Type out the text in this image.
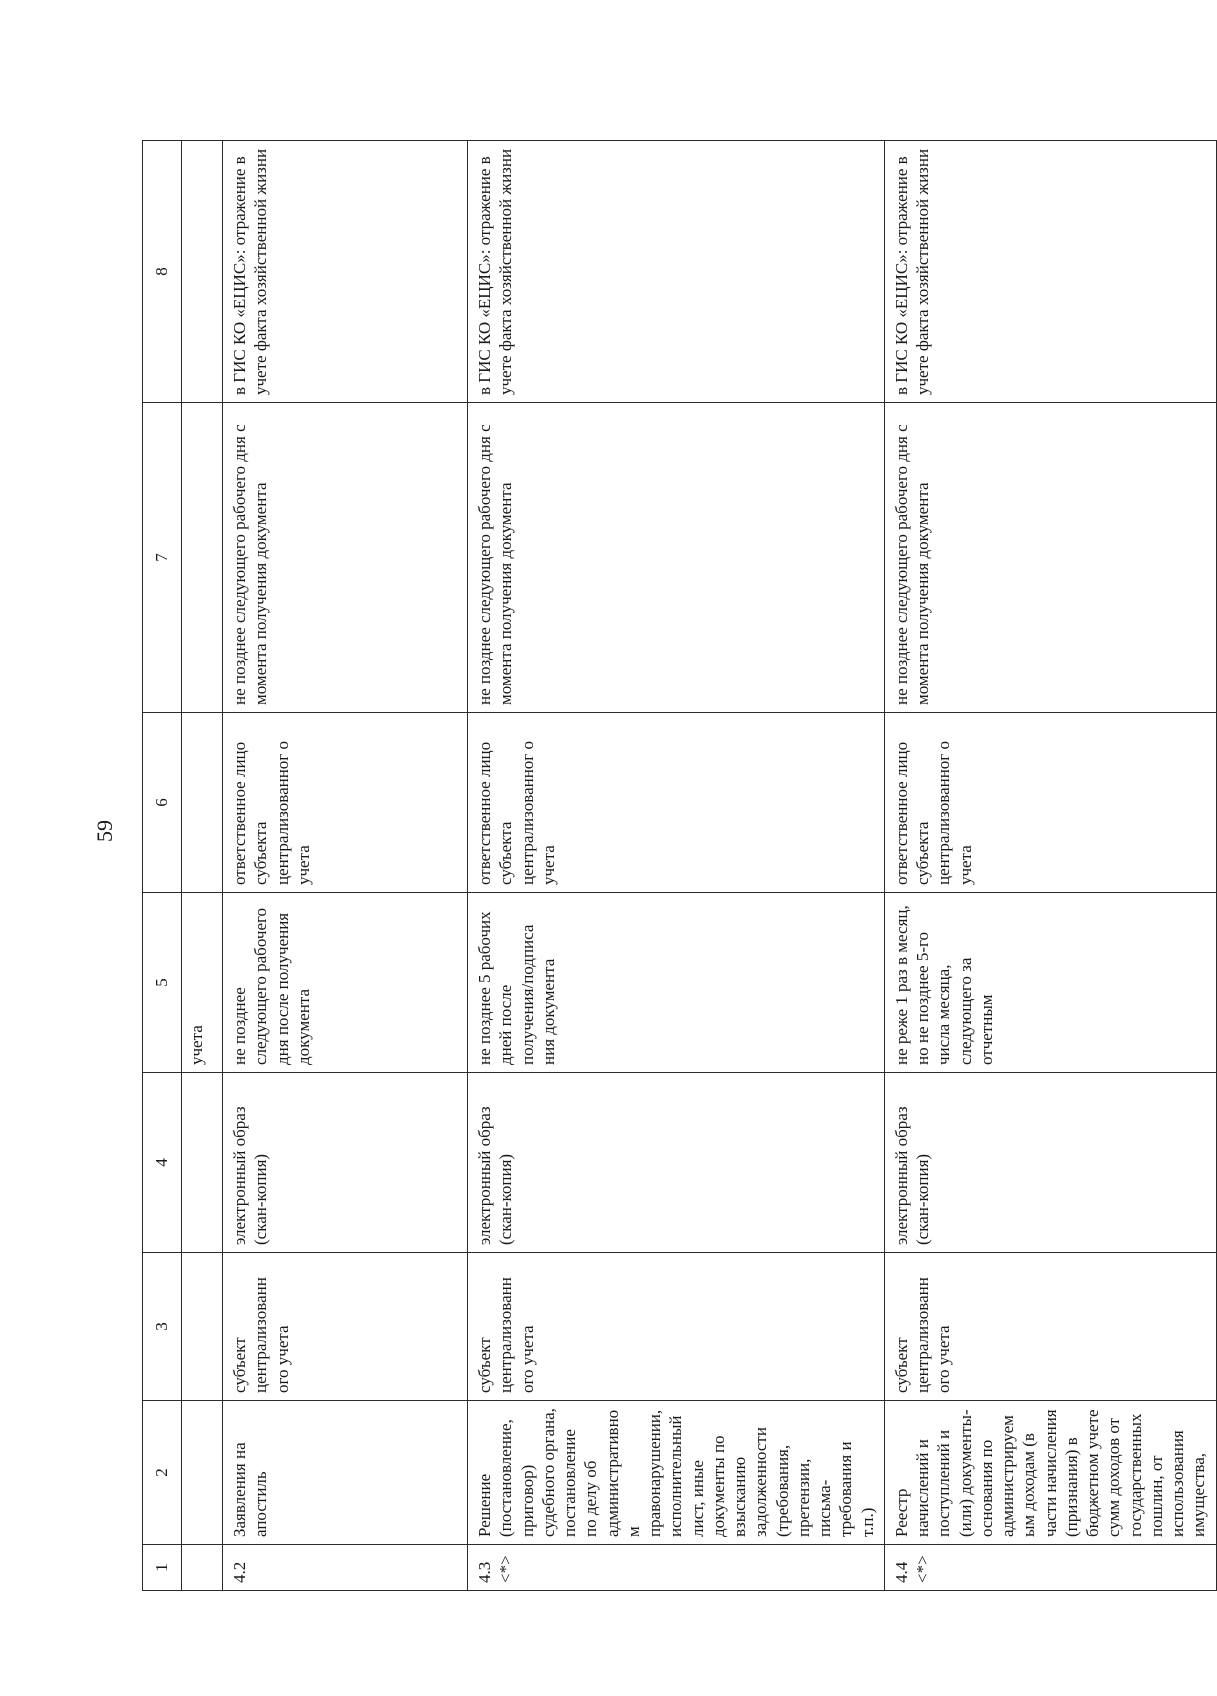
59
1	2	3	4	5	6	7	8
				учета			
4.2	Заявления на апостиль	субъект централизованн ого учета	электронный образ (скан-копия)	не позднее следующего рабочего дня после получения документа	ответственное лицо субъекта централизованног о учета	не позднее следующего рабочего дня с момента получения документа	в ГИС КО «ЕЦИС»: отражение в учете факта хозяйственной жизни
4.3 <*>	Решение (постановление, приговор) судебного органа, постановление по делу об административном правонарушении, исполнительный лист, иные документы по взысканию задолженности (требования, претензии, письма-требования и т.п.)	субъект централизованн ого учета	электронный образ (скан-копия)	не позднее 5 рабочих дней после получения/подписа ния документа	ответственное лицо субъекта централизованног о учета	не позднее следующего рабочего дня с момента получения документа	в ГИС КО «ЕЦИС»: отражение в учете факта хозяйственной жизни
4.4 <*>	Реестр начислений и поступлений и (или) документы-основания по администрируемым доходам (в части начисления (признания) в бюджетном учете сумм доходов от государственных пошлин, от использования имущества,	субъект централизованн ого учета	электронный образ (скан-копия)	не реже 1 раз в месяц, но не позднее 5-го числа месяца, следующего за отчетным	ответственное лицо субъекта централизованног о учета	не позднее следующего рабочего дня с момента получения документа	в ГИС КО «ЕЦИС»: отражение в учете факта хозяйственной жизни
